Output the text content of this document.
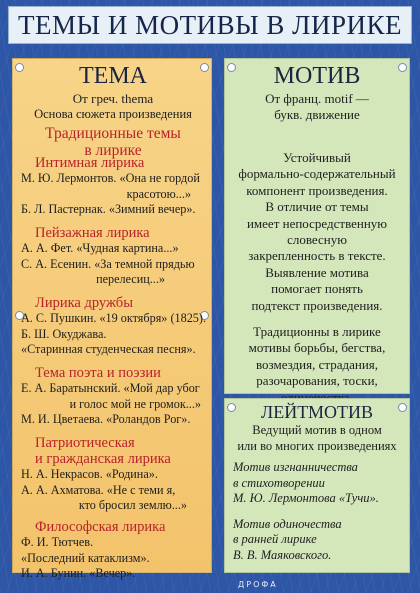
ТЕМЫ И МОТИВЫ В ЛИРИКЕ
ТЕМА
От греч. thema
Основа сюжета произведения
Традиционные темы
в лирике
Интимная лирика
М. Ю. Лермонтов. «Она не гордой
красотою...»
Б. Л. Пастернак. «Зимний вечер».
Пейзажная лирика
А. А. Фет. «Чудная картина...»
С. А. Есенин. «За темной прядью
перелесиц...»
Лирика дружбы
А. С. Пушкин. «19 октября» (1825).
Б. Ш. Окуджава.
«Старинная студенческая песня».
Тема поэта и поэзии
Е. А. Баратынский. «Мой дар убог
и голос мой не громок...»
М. И. Цветаева. «Роландов Рог».
Патриотическая
и гражданская лирика
Н. А. Некрасов. «Родина».
А. А. Ахматова. «Не с теми я,
кто бросил землю...»
Философская лирика
Ф. И. Тютчев.
«Последний катаклизм».
И. А. Бунин. «Вечер».
МОТИВ
От франц. motif —
букв. движение
Устойчивый
формально-содержательный
компонент произведения.
В отличие от темы
имеет непосредственную
словесную
закрепленность в тексте.
Выявление мотива
помогает понять
подтекст произведения.
Традиционны в лирике
мотивы борьбы, бегства,
возмездия, страдания,
разочарования, тоски,
ЛЕЙТМОТИВ
Ведущий мотив в одном
или во многих произведениях
Мотив изгнанничества
в стихотворении
М. Ю. Лермонтова «Тучи».
Мотив одиночества
в ранней лирике
В. В. Маяковского.
ДРОФА
